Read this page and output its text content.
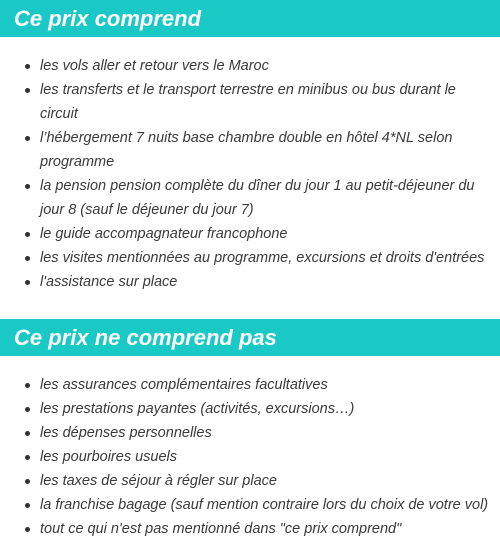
Ce prix comprend
les vols aller et retour vers le Maroc
les transferts et le transport terrestre en minibus ou bus durant le circuit
l’hébergement 7 nuits base chambre double en hôtel 4*NL selon programme
la pension pension complète du dîner du jour 1 au petit-déjeuner du jour 8 (sauf le déjeuner du jour 7)
le guide accompagnateur francophone
les visites mentionnées au programme, excursions et droits d'entrées
l'assistance sur place
Ce prix ne comprend pas
les assurances complémentaires facultatives
les prestations payantes (activités, excursions…)
les dépenses personnelles
les pourboires usuels
les taxes de séjour à régler sur place
la franchise bagage (sauf mention contraire lors du choix de votre vol)
tout ce qui n'est pas mentionné dans "ce prix comprend"
